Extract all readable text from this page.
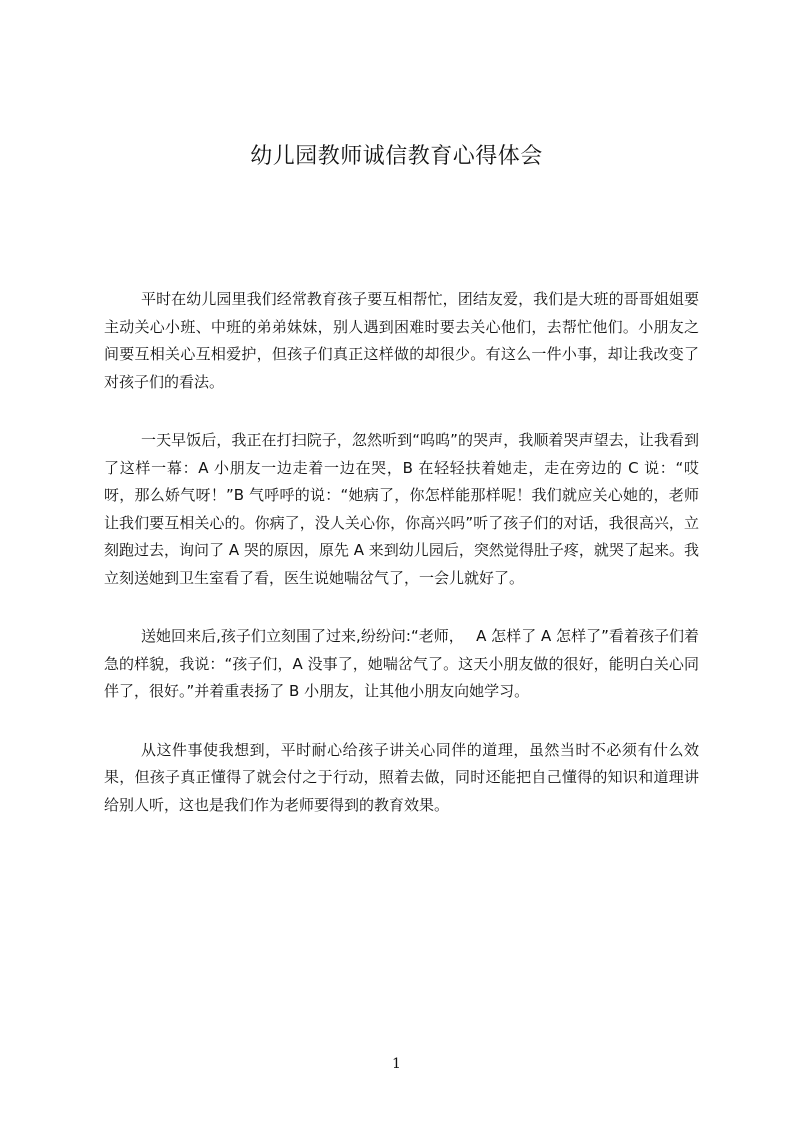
幼儿园教师诚信教育心得体会

平时在幼儿园里我们经常教育孩子要互相帮忙，团结友爱，我们是大班的哥哥姐姐要主动关心小班、中班的弟弟妹妹，别人遇到困难时要去关心他们，去帮忙他们。小朋友之间要互相关心互相爱护，但孩子们真正这样做的却很少。有这么一件小事，却让我改变了对孩子们的看法。

一天早饭后，我正在打扫院子，忽然听到“呜呜”的哭声，我顺着哭声望去，让我看到了这样一幕：A 小朋友一边走着一边在哭，B 在轻轻扶着她走，走在旁边的 C 说：“哎呀，那么娇气呀！”B 气呼呼的说：“她病了，你怎样能那样呢！我们就应关心她的，老师让我们要互相关心的。你病了，没人关心你，你高兴吗”听了孩子们的对话，我很高兴，立刻跑过去，询问了 A 哭的原因，原先 A 来到幼儿园后，突然觉得肚子疼，就哭了起来。我立刻送她到卫生室看了看，医生说她喘岔气了，一会儿就好了。

送她回来后,孩子们立刻围了过来,纷纷问:“老师，　 A 怎样了 A 怎样了”看着孩子们着急的样貌，我说：“孩子们，A 没事了，她喘岔气了。这天小朋友做的很好，能明白关心同伴了，很好。”并着重表扬了 B 小朋友，让其他小朋友向她学习。

从这件事使我想到，平时耐心给孩子讲关心同伴的道理，虽然当时不必须有什么效果，但孩子真正懂得了就会付之于行动，照着去做，同时还能把自己懂得的知识和道理讲给别人听，这也是我们作为老师要得到的教育效果。

1
